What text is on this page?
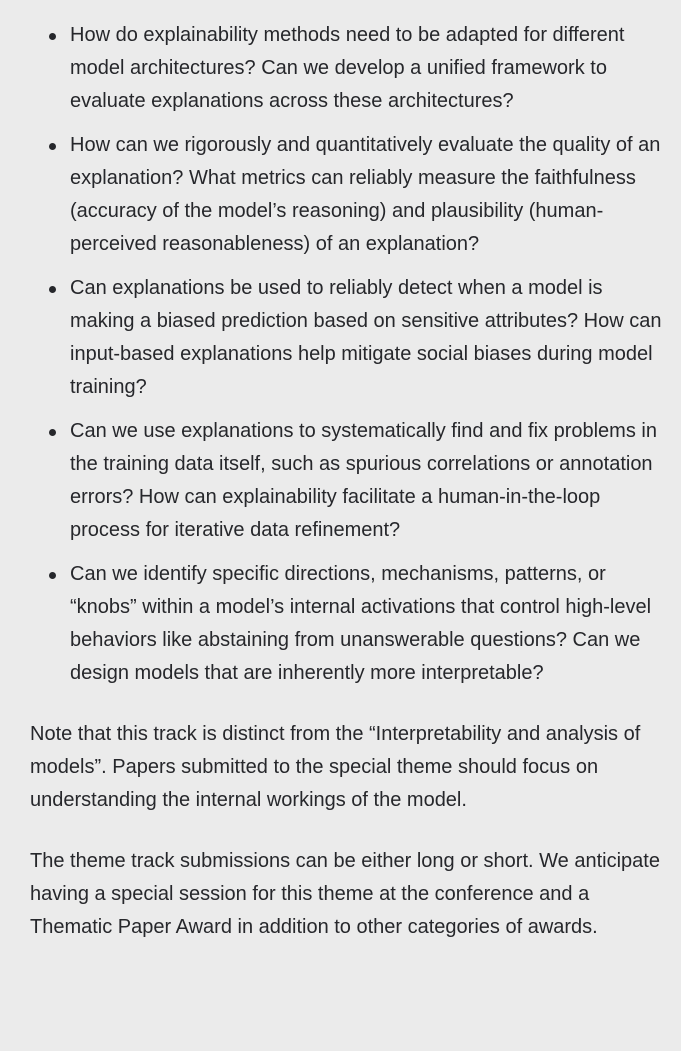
How do explainability methods need to be adapted for different model architectures? Can we develop a unified framework to evaluate explanations across these architectures?
How can we rigorously and quantitatively evaluate the quality of an explanation? What metrics can reliably measure the faithfulness (accuracy of the model’s reasoning) and plausibility (human-perceived reasonableness) of an explanation?
Can explanations be used to reliably detect when a model is making a biased prediction based on sensitive attributes? How can input-based explanations help mitigate social biases during model training?
Can we use explanations to systematically find and fix problems in the training data itself, such as spurious correlations or annotation errors? How can explainability facilitate a human-in-the-loop process for iterative data refinement?
Can we identify specific directions, mechanisms, patterns, or “knobs” within a model’s internal activations that control high-level behaviors like abstaining from unanswerable questions? Can we design models that are inherently more interpretable?

Note that this track is distinct from the “Interpretability and analysis of models”. Papers submitted to the special theme should focus on understanding the internal workings of the model.

The theme track submissions can be either long or short. We anticipate having a special session for this theme at the conference and a Thematic Paper Award in addition to other categories of awards.
